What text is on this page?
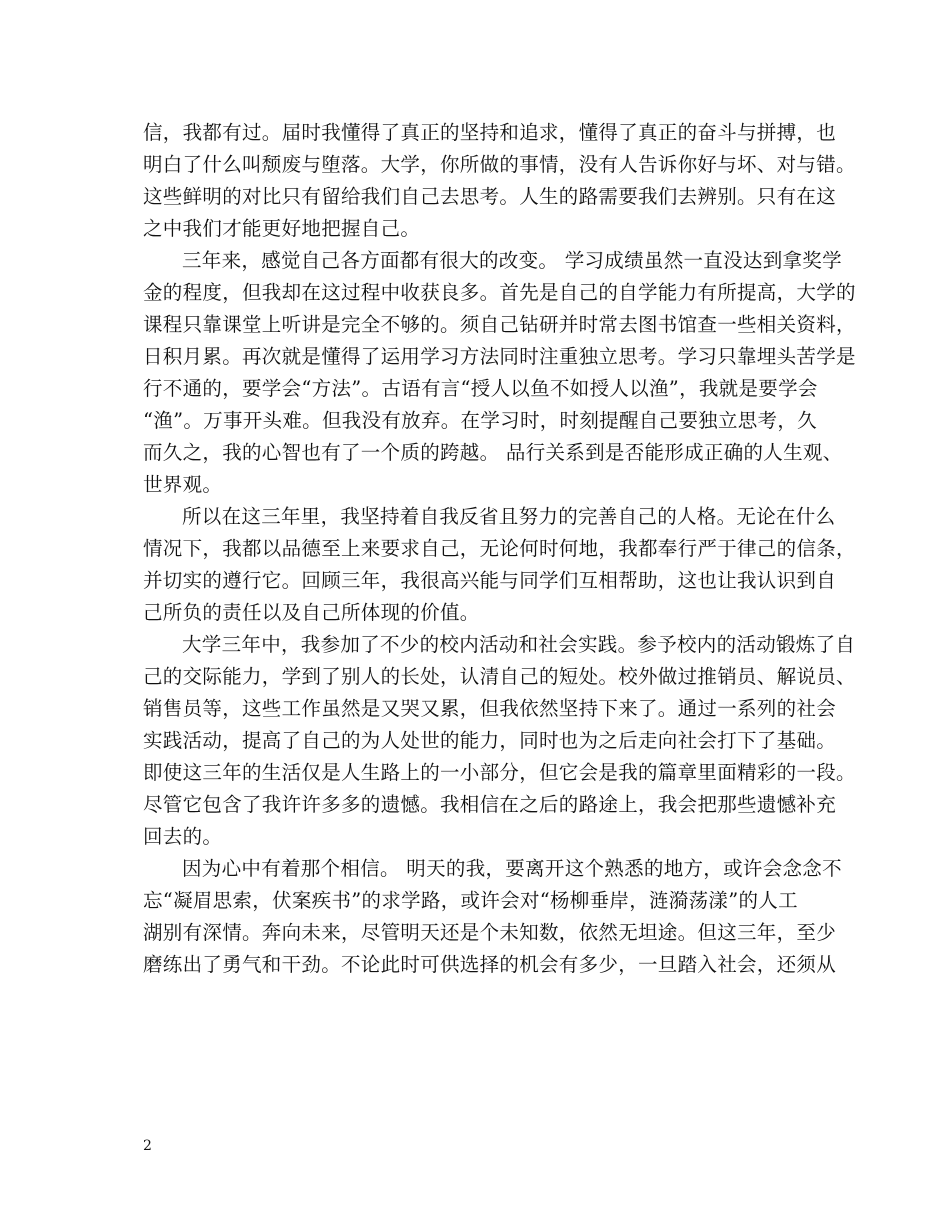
信，我都有过。届时我懂得了真正的坚持和追求，懂得了真正的奋斗与拼搏，也
明白了什么叫颓废与堕落。大学，你所做的事情，没有人告诉你好与坏、对与错。
这些鲜明的对比只有留给我们自己去思考。人生的路需要我们去辨别。只有在这
之中我们才能更好地把握自己。
三年来，感觉自己各方面都有很大的改变。 学习成绩虽然一直没达到拿奖学
金的程度，但我却在这过程中收获良多。首先是自己的自学能力有所提高，大学的
课程只靠课堂上听讲是完全不够的。须自己钻研并时常去图书馆查一些相关资料，
日积月累。再次就是懂得了运用学习方法同时注重独立思考。学习只靠埋头苦学是
行不通的，要学会“方法”。古语有言“授人以鱼不如授人以渔”，我就是要学会
“渔”。万事开头难。但我没有放弃。在学习时，时刻提醒自己要独立思考，久
而久之，我的心智也有了一个质的跨越。 品行关系到是否能形成正确的人生观、
世界观。
所以在这三年里，我坚持着自我反省且努力的完善自己的人格。无论在什么
情况下，我都以品德至上来要求自己，无论何时何地，我都奉行严于律己的信条，
并切实的遵行它。回顾三年，我很高兴能与同学们互相帮助，这也让我认识到自
己所负的责任以及自己所体现的价值。
大学三年中，我参加了不少的校内活动和社会实践。参予校内的活动锻炼了自
己的交际能力，学到了别人的长处，认清自己的短处。校外做过推销员、解说员、
销售员等，这些工作虽然是又哭又累，但我依然坚持下来了。通过一系列的社会
实践活动，提高了自己的为人处世的能力，同时也为之后走向社会打下了基础。
即使这三年的生活仅是人生路上的一小部分，但它会是我的篇章里面精彩的一段。
尽管它包含了我许许多多的遗憾。我相信在之后的路途上，我会把那些遗憾补充
回去的。
因为心中有着那个相信。 明天的我，要离开这个熟悉的地方，或许会念念不
忘“凝眉思索，伏案疾书”的求学路，或许会对“杨柳垂岸，涟漪荡漾”的人工
湖别有深情。奔向未来，尽管明天还是个未知数，依然无坦途。但这三年，至少
磨练出了勇气和干劲。不论此时可供选择的机会有多少，一旦踏入社会，还须从
2
